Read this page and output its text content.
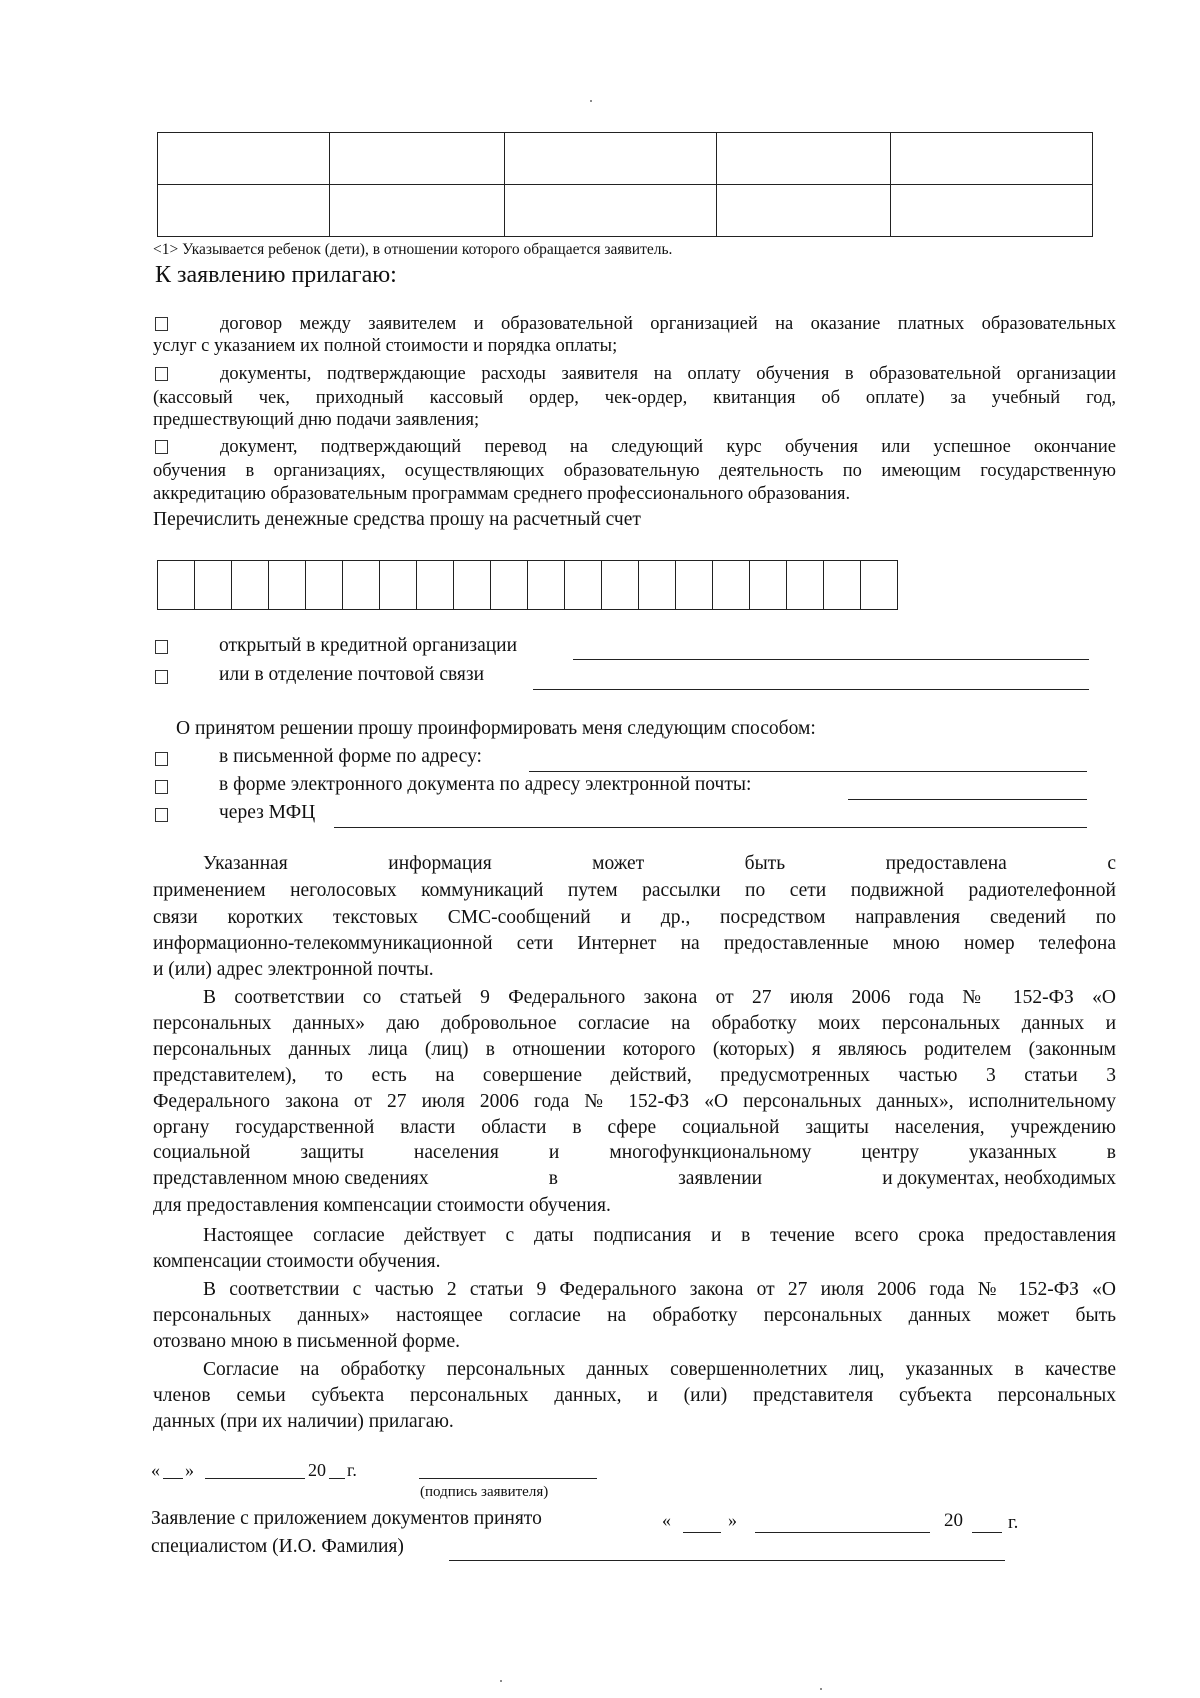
<1> Указывается ребенок (дети), в отношении которого обращается заявитель.
К заявлению прилагаю:
договор между заявителем и образовательной организацией на оказание платных образовательных
услуг с указанием их полной стоимости и порядка оплаты;
документы, подтверждающие расходы заявителя на оплату обучения в образовательной организации
(кассовый чек, приходный кассовый ордер, чек-ордер, квитанция об оплате) за учебный год,
предшествующий дню подачи заявления;
документ, подтверждающий перевод на следующий курс обучения или успешное окончание
обучения в организациях, осуществляющих образовательную деятельность по имеющим государственную
аккредитацию образовательным программам среднего профессионального образования.
Перечислить денежные средства прошу на расчетный счет
открытый в кредитной организации
или в отделение почтовой связи
О принятом решении прошу проинформировать меня следующим способом:
в письменной форме по адресу:
в форме электронного документа по адресу электронной почты:
через МФЦ
Указанная	информация	может	быть	предоставлена	с
применением неголосовых коммуникаций путем рассылки по сети подвижной радиотелефонной
связи коротких текстовых СМС-сообщений и др., посредством направления сведений по
информационно-телекоммуникационной сети Интернет на предоставленные мною номер телефона
и (или) адрес электронной почты.
В соответствии со статьей 9 Федерального закона от 27 июля 2006 года № 152-ФЗ «О
персональных данных» даю добровольное согласие на обработку моих персональных данных и
персональных данных лица (лиц) в отношении которого (которых) я являюсь родителем (законным
представителем), то есть на совершение действий, предусмотренных частью 3 статьи 3
Федерального закона от 27 июля 2006 года № 152-ФЗ «О персональных данных», исполнительному
органу государственной власти области в сфере социальной защиты населения, учреждению
социальной	защиты	населения	и	многофункциональному	центру	указанных	в
представленном мною сведениях	в	заявлении	и документах, необходимых
для предоставления компенсации стоимости обучения.
Настоящее согласие действует с даты подписания и в течение всего срока предоставления
компенсации стоимости обучения.
В соответствии с частью 2 статьи 9 Федерального закона от 27 июля 2006 года № 152-ФЗ «О
персональных данных» настоящее согласие на обработку персональных данных может быть
отозвано мною в письменной форме.
Согласие на обработку персональных данных совершеннолетних лиц, указанных в качестве
членов семьи субъекта персональных данных, и (или) представителя субъекта персональных
данных (при их наличии) прилагаю.
« »	20 г.
(подпись заявителя)
Заявление с приложением документов принято	«	»	20 г.
специалистом (И.О. Фамилия)
